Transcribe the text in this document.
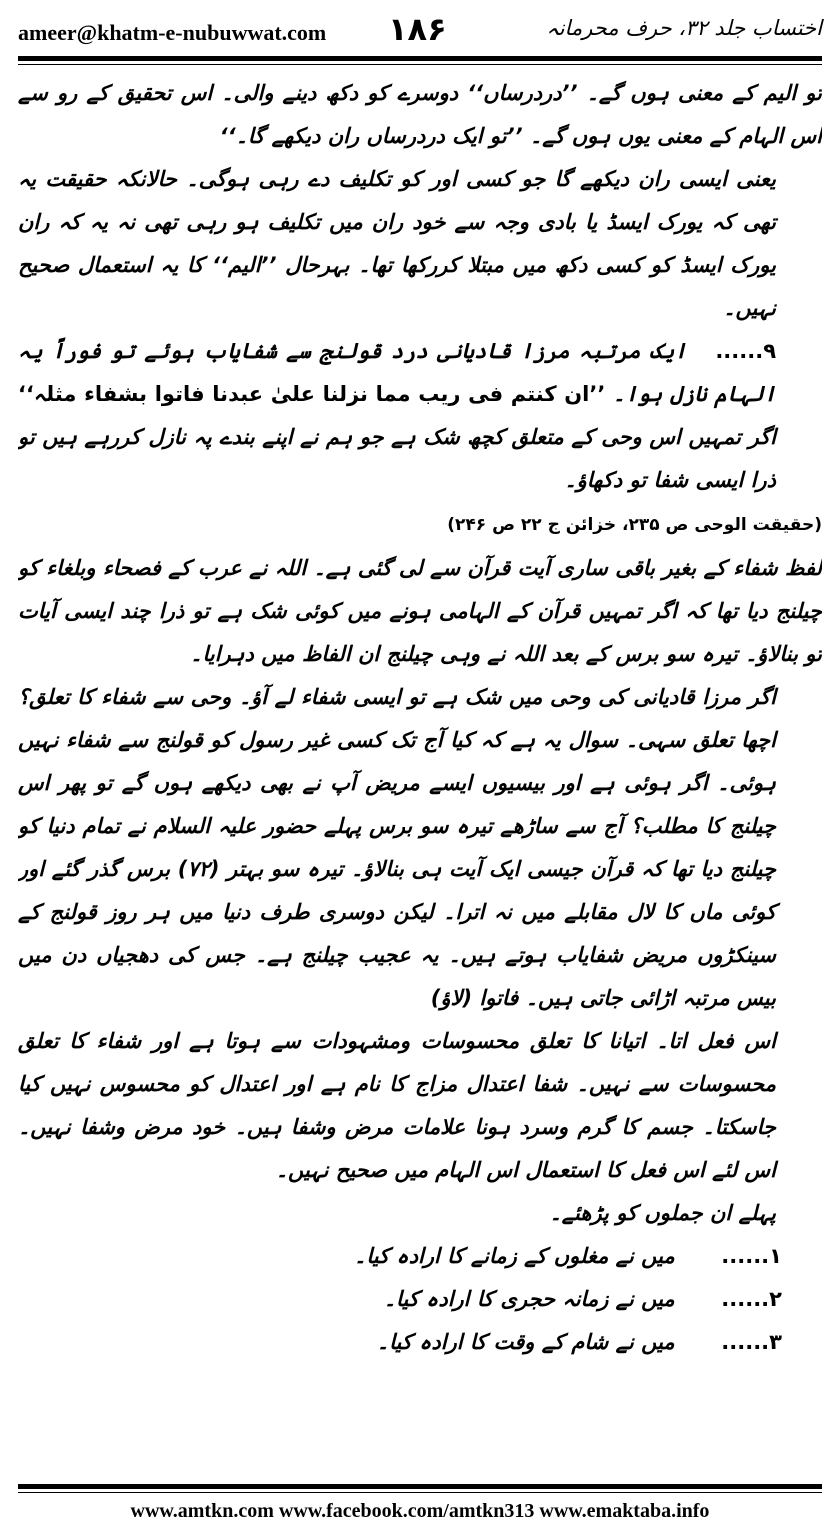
ameer@khatm-e-nubuwwat.com ۱۸۶	اختساب جلد ۳۲، حرف محرمانہ

تو الیم کے معنی ہوں گے۔ ’’دردرساں‘‘ دوسرے کو دکھ دینے والی۔ اس تحقیق کے رو سے اس الہام کے معنی یوں ہوں گے۔ ’’تو ایک دردرساں ران دیکھے گا۔‘‘

یعنی ایسی ران دیکھے گا جو کسی اور کو تکلیف دے رہی ہوگی۔ حالانکہ حقیقت یہ تھی کہ یورک ایسڈ یا بادی وجہ سے خود ران میں تکلیف ہو رہی تھی نہ یہ کہ ران یورک ایسڈ کو کسی دکھ میں مبتلا کررکھا تھا۔ بہرحال ’’الیم‘‘ کا یہ استعمال صحیح نہیں۔

۹...... ایک مرتبہ مرزا قادیانی درد قولنج سے شفایاب ہوئے تو فوراً یہ الہام نازل ہوا۔ ’’ان کنتم فی ریب مما نزلنا علیٰ عبدنا فاتوا بشفاء مثلہ‘‘ اگر تمہیں اس وحی کے متعلق کچھ شک ہے جو ہم نے اپنے بندے پہ نازل کررہے ہیں تو ذرا ایسی شفا تو دکھاؤ۔

(حقیقت الوحی ص ۲۳۵، خزائن ج ۲۲ ص ۲۴۶)

لفظ شفاء کے بغیر باقی ساری آیت قرآن سے لی گئی ہے۔ اللہ نے عرب کے فصحاء وبلغاء کو چیلنج دیا تھا کہ اگر تمہیں قرآن کے الہامی ہونے میں کوئی شک ہے تو ذرا چند ایسی آیات تو بنالاؤ۔ تیرہ سو برس کے بعد اللہ نے وہی چیلنج ان الفاظ میں دہرایا۔

اگر مرزا قادیانی کی وحی میں شک ہے تو ایسی شفاء لے آؤ۔ وحی سے شفاء کا تعلق؟ اچھا تعلق سہی۔ سوال یہ ہے کہ کیا آج تک کسی غیر رسول کو قولنج سے شفاء نہیں ہوئی۔ اگر ہوئی ہے اور بیسیوں ایسے مریض آپ نے بھی دیکھے ہوں گے تو پھر اس چیلنج کا مطلب؟ آج سے ساڑھے تیرہ سو برس پہلے حضور علیہ السلام نے تمام دنیا کو چیلنج دیا تھا کہ قرآن جیسی ایک آیت ہی بنالاؤ۔ تیرہ سو بہتر (۷۲) برس گذر گئے اور کوئی ماں کا لال مقابلے میں نہ اترا۔ لیکن دوسری طرف دنیا میں ہر روز قولنج کے سینکڑوں مریض شفایاب ہوتے ہیں۔ یہ عجیب چیلنج ہے۔ جس کی دھجیاں دن میں بیس مرتبہ اڑائی جاتی ہیں۔ فاتوا (لاؤ)

اس فعل اتا۔ اتیانا کا تعلق محسوسات ومشہودات سے ہوتا ہے اور شفاء کا تعلق محسوسات سے نہیں۔ شفا اعتدال مزاج کا نام ہے اور اعتدال کو محسوس نہیں کیا جاسکتا۔ جسم کا گرم وسرد ہونا علامات مرض وشفا ہیں۔ خود مرض وشفا نہیں۔ اس لئے اس فعل کا استعمال اس الہام میں صحیح نہیں۔

پہلے ان جملوں کو پڑھئے۔

۱...... میں نے مغلوں کے زمانے کا ارادہ کیا۔
۲...... میں نے زمانہ حجری کا ارادہ کیا۔
۳...... میں نے شام کے وقت کا ارادہ کیا۔
www.amtkn.com www.facebook.com/amtkn313 www.emaktaba.info
